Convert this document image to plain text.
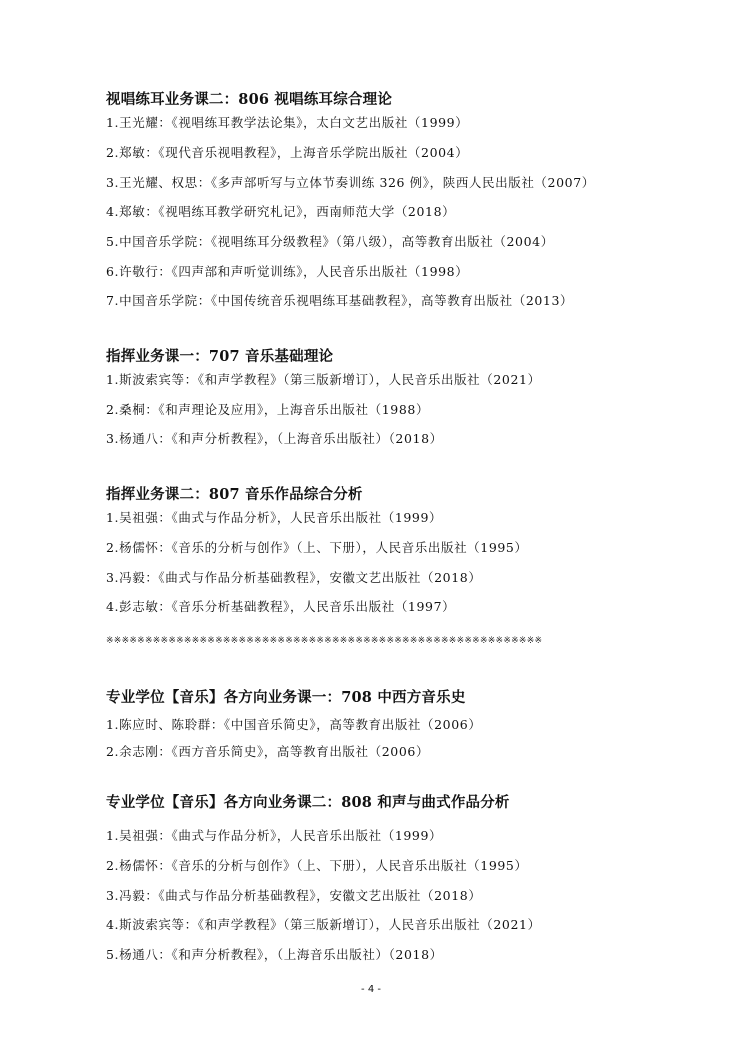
视唱练耳业务课二：806 视唱练耳综合理论
1.王光耀：《视唱练耳教学法论集》，太白文艺出版社（1999）
2.郑敏：《现代音乐视唱教程》，上海音乐学院出版社（2004）
3.王光耀、权思：《多声部听写与立体节奏训练 326 例》，陕西人民出版社（2007）
4.郑敏：《视唱练耳教学研究札记》，西南师范大学（2018）
5.中国音乐学院：《视唱练耳分级教程》（第八级），高等教育出版社（2004）
6.许敬行：《四声部和声听觉训练》，人民音乐出版社（1998）
7.中国音乐学院：《中国传统音乐视唱练耳基础教程》，高等教育出版社（2013）
指挥业务课一：707 音乐基础理论
1.斯波索宾等：《和声学教程》（第三版新增订），人民音乐出版社（2021）
2.桑桐：《和声理论及应用》，上海音乐出版社（1988）
3.杨通八：《和声分析教程》，（上海音乐出版社）（2018）
指挥业务课二：807 音乐作品综合分析
1.吴祖强：《曲式与作品分析》，人民音乐出版社（1999）
2.杨儒怀：《音乐的分析与创作》（上、下册），人民音乐出版社（1995）
3.冯毅：《曲式与作品分析基础教程》，安徽文艺出版社（2018）
4.彭志敏：《音乐分析基础教程》，人民音乐出版社（1997）
※※※※※※※※※※※※※※※※※※※※※※※※※※※※※※※※※※※※※※※※※※※※※※※※※※※※※※※※
专业学位【音乐】各方向业务课一：708 中西方音乐史
1.陈应时、陈聆群：《中国音乐简史》，高等教育出版社（2006）
2.余志刚：《西方音乐简史》，高等教育出版社（2006）
专业学位【音乐】各方向业务课二：808 和声与曲式作品分析
1.吴祖强：《曲式与作品分析》，人民音乐出版社（1999）
2.杨儒怀：《音乐的分析与创作》（上、下册），人民音乐出版社（1995）
3.冯毅：《曲式与作品分析基础教程》，安徽文艺出版社（2018）
4.斯波索宾等：《和声学教程》（第三版新增订），人民音乐出版社（2021）
5.杨通八：《和声分析教程》，（上海音乐出版社）（2018）
- 4 -
